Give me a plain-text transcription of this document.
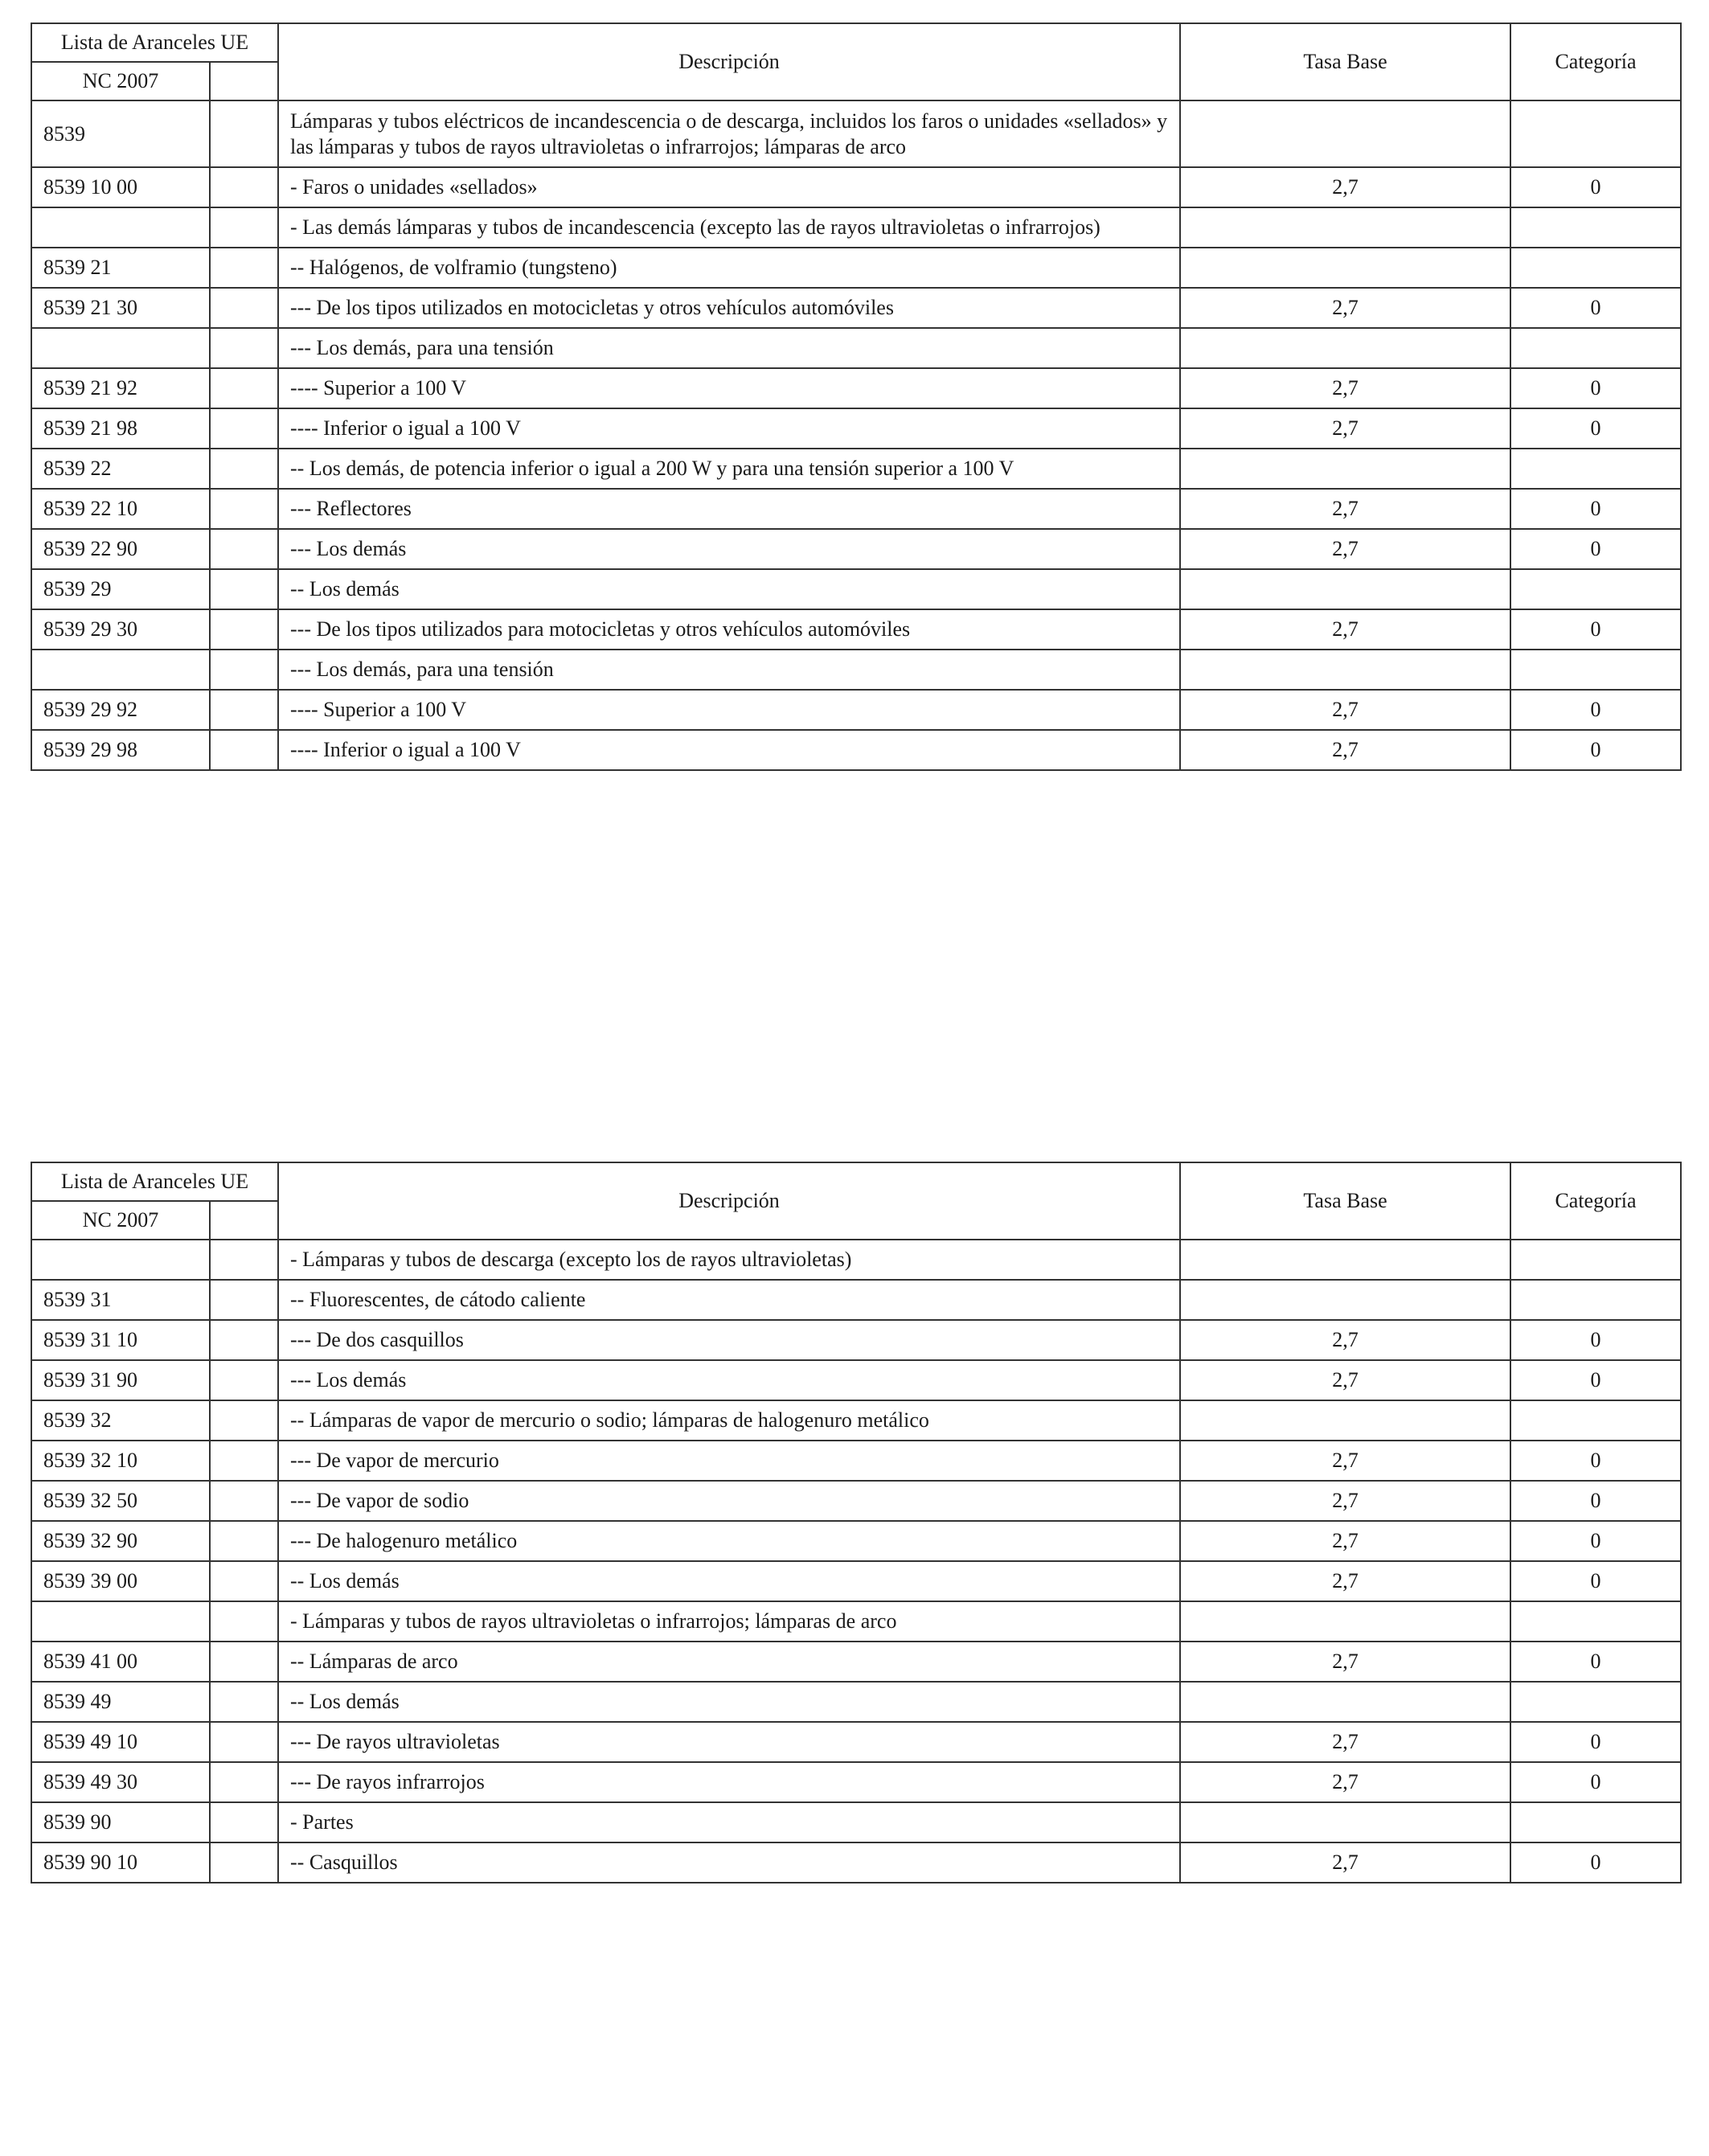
Lista de Aranceles UE		Descripción	Tasa Base	Categoría
NC 2007				
8539		Lámparas y tubos eléctricos de incandescencia o de descarga, incluidos los faros o unidades «sellados» y las lámparas y tubos de rayos ultravioletas o infrarrojos; lámparas de arco		
8539 10 00		- Faros o unidades «sellados»	2,7	0
		- Las demás lámparas y tubos de incandescencia (excepto las de rayos ultravioletas o infrarrojos)		
8539 21		-- Halógenos, de volframio (tungsteno)		
8539 21 30		--- De los tipos utilizados en motocicletas y otros vehículos automóviles	2,7	0
		--- Los demás, para una tensión		
8539 21 92		---- Superior a 100 V	2,7	0
8539 21 98		---- Inferior o igual a 100 V	2,7	0
8539 22		-- Los demás, de potencia inferior o igual a 200 W y para una tensión superior a 100 V		
8539 22 10		--- Reflectores	2,7	0
8539 22 90		--- Los demás	2,7	0
8539 29		-- Los demás		
8539 29 30		--- De los tipos utilizados para motocicletas y otros vehículos automóviles	2,7	0
		--- Los demás, para una tensión		
8539 29 92		---- Superior a 100 V	2,7	0
8539 29 98		---- Inferior o igual a 100 V	2,7	0
Lista de Aranceles UE		Descripción	Tasa Base	Categoría
NC 2007				
		- Lámparas y tubos de descarga (excepto los de rayos ultravioletas)		
8539 31		-- Fluorescentes, de cátodo caliente		
8539 31 10		--- De dos casquillos	2,7	0
8539 31 90		--- Los demás	2,7	0
8539 32		-- Lámparas de vapor de mercurio o sodio; lámparas de halogenuro metálico		
8539 32 10		--- De vapor de mercurio	2,7	0
8539 32 50		--- De vapor de sodio	2,7	0
8539 32 90		--- De halogenuro metálico	2,7	0
8539 39 00		-- Los demás	2,7	0
		- Lámparas y tubos de rayos ultravioletas o infrarrojos; lámparas de arco		
8539 41 00		-- Lámparas de arco	2,7	0
8539 49		-- Los demás		
8539 49 10		--- De rayos ultravioletas	2,7	0
8539 49 30		--- De rayos infrarrojos	2,7	0
8539 90		- Partes		
8539 90 10		-- Casquillos	2,7	0
